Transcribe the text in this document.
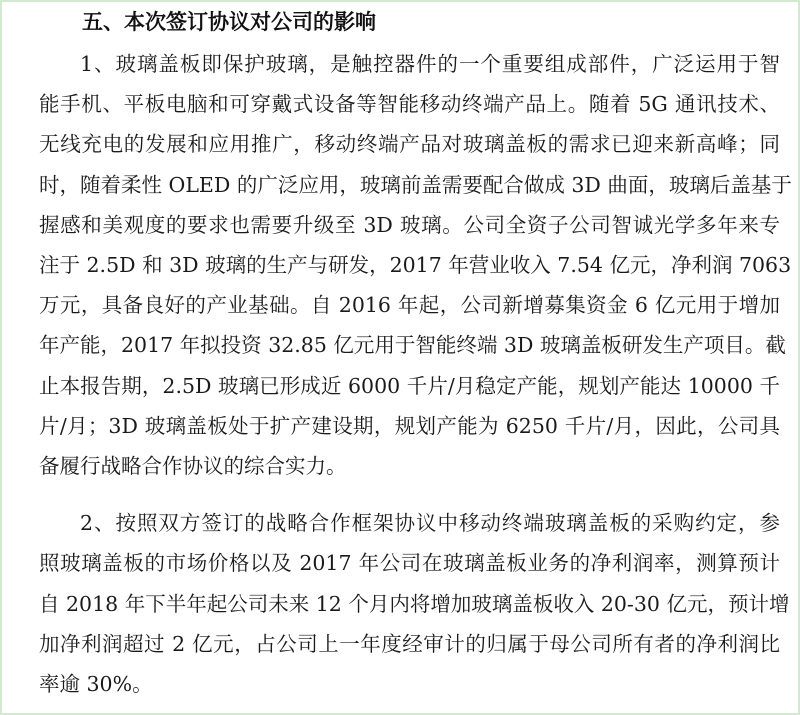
五、本次签订协议对公司的影响
1、玻璃盖板即保护玻璃，是触控器件的一个重要组成部件，广泛运用于智
能手机、平板电脑和可穿戴式设备等智能移动终端产品上。随着 5G 通讯技术、
无线充电的发展和应用推广，移动终端产品对玻璃盖板的需求已迎来新高峰；同
时，随着柔性 OLED 的广泛应用，玻璃前盖需要配合做成 3D 曲面，玻璃后盖基于
握感和美观度的要求也需要升级至 3D 玻璃。公司全资子公司智诚光学多年来专
注于 2.5D 和 3D 玻璃的生产与研发，2017 年营业收入 7.54 亿元，净利润 7063
万元，具备良好的产业基础。自 2016 年起，公司新增募集资金 6 亿元用于增加
年产能，2017 年拟投资 32.85 亿元用于智能终端 3D 玻璃盖板研发生产项目。截
止本报告期，2.5D 玻璃已形成近 6000 千片/月稳定产能，规划产能达 10000 千
片/月；3D 玻璃盖板处于扩产建设期，规划产能为 6250 千片/月，因此，公司具
备履行战略合作协议的综合实力。
2、按照双方签订的战略合作框架协议中移动终端玻璃盖板的采购约定，参
照玻璃盖板的市场价格以及 2017 年公司在玻璃盖板业务的净利润率，测算预计
自 2018 年下半年起公司未来 12 个月内将增加玻璃盖板收入 20-30 亿元，预计增
加净利润超过 2 亿元，占公司上一年度经审计的归属于母公司所有者的净利润比
率逾 30%。
